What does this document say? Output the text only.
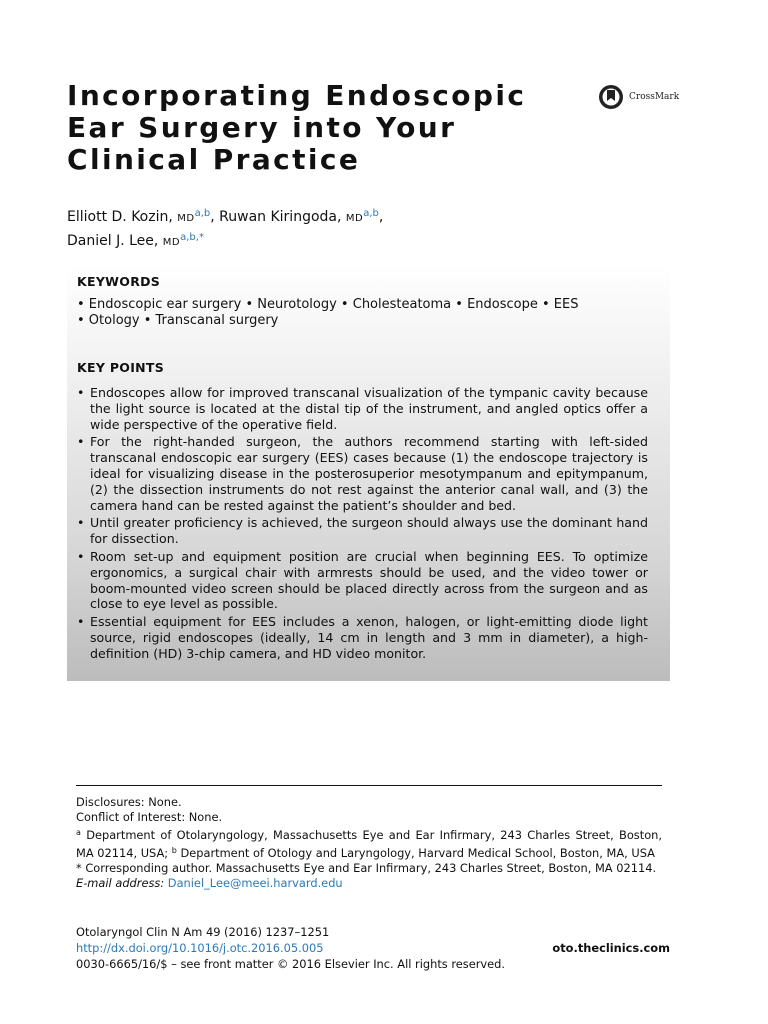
Incorporating Endoscopic
Ear Surgery into Your
Clinical Practice
CrossMark
Elliott D. Kozin, MD$^{a,b}$, Ruwan Kiringoda, MD$^{a,b}$,
Daniel J. Lee, MD$^{a,b,*}$
KEYWORDS
• Endoscopic ear surgery • Neurotology • Cholesteatoma • Endoscope • EES
• Otology • Transcanal surgery
KEY POINTS
• Endoscopes allow for improved transcanal visualization of the tympanic cavity because the light source is located at the distal tip of the instrument, and angled optics offer a wide perspective of the operative field.
• For the right-handed surgeon, the authors recommend starting with left-sided transcanal endoscopic ear surgery (EES) cases because (1) the endoscope trajectory is ideal for visualizing disease in the posterosuperior mesotympanum and epitympanum, (2) the dissection instruments do not rest against the anterior canal wall, and (3) the camera hand can be rested against the patient’s shoulder and bed.
• Until greater proficiency is achieved, the surgeon should always use the dominant hand for dissection.
• Room set-up and equipment position are crucial when beginning EES. To optimize ergonomics, a surgical chair with armrests should be used, and the video tower or boom-mounted video screen should be placed directly across from the surgeon and as close to eye level as possible.
• Essential equipment for EES includes a xenon, halogen, or light-emitting diode light source, rigid endoscopes (ideally, 14 cm in length and 3 mm in diameter), a high-definition (HD) 3-chip camera, and HD video monitor.

Disclosures: None.

Conflict of Interest: None.

$^a$ Department of Otolaryngology, Massachusetts Eye and Ear Infirmary, 243 Charles Street, Boston, MA 02114, USA; $^b$ Department of Otology and Laryngology, Harvard Medical School, Boston, MA, USA

* Corresponding author. Massachusetts Eye and Ear Infirmary, 243 Charles Street, Boston, MA 02114.

E-mail address: Daniel_Lee@meei.harvard.edu

Otolaryngol Clin N Am 49 (2016) 1237–1251
http://dx.doi.org/10.1016/j.otc.2016.05.005	oto.theclinics.com
0030-6665/16/$ – see front matter © 2016 Elsevier Inc. All rights reserved.
